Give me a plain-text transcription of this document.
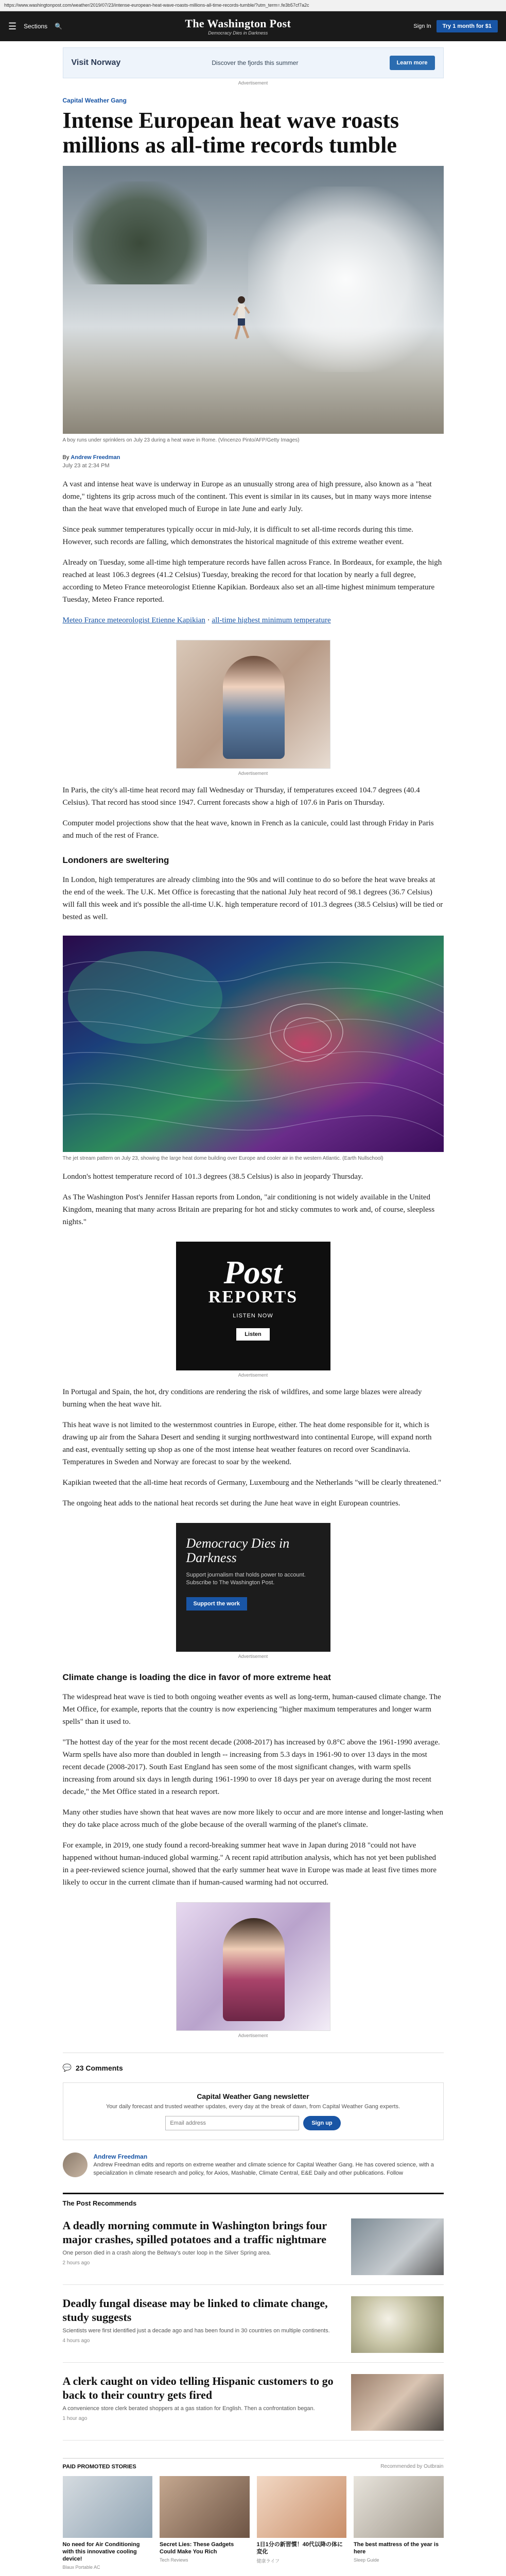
https://www.washingtonpost.com/weather/2019/07/23/intense-european-heat-wave-roasts-millions-all-time-records-tumble/?utm_term=.fe3b57cf7a2c
☰ Sections 🔍	The Washington Post
Democracy Dies in Darkness
Sign In	Try 1 month for $1
Visit Norway	Discover the fjords this summer	Learn more
Advertisement
Capital Weather Gang
Intense European heat wave roasts millions as all-time records tumble
A boy runs under sprinklers on July 23 during a heat wave in Rome. (Vincenzo Pinto/AFP/Getty Images)
By Andrew Freedman
July 23 at 2:34 PM

A vast and intense heat wave is underway in Europe as an unusually strong area of high pressure, also known as a "heat dome," tightens its grip across much of the continent. This event is similar in its causes, but in many ways more intense than the heat wave that enveloped much of Europe in late June and early July.

Since peak summer temperatures typically occur in mid-July, it is difficult to set all-time records during this time. However, such records are falling, which demonstrates the historical magnitude of this extreme weather event.

Already on Tuesday, some all-time high temperature records have fallen across France. In Bordeaux, for example, the high reached at least 106.3 degrees (41.2 Celsius) Tuesday, breaking the record for that location by nearly a full degree, according to Meteo France meteorologist Etienne Kapikian. Bordeaux also set an all-time highest minimum temperature Tuesday, Meteo France reported.

Meteo France meteorologist Etienne Kapikian · all-time highest minimum temperature

Advertisement

In Paris, the city's all-time heat record may fall Wednesday or Thursday, if temperatures exceed 104.7 degrees (40.4 Celsius). That record has stood since 1947. Current forecasts show a high of 107.6 in Paris on Thursday.

Computer model projections show that the heat wave, known in French as la canicule, could last through Friday in Paris and much of the rest of France.

Londoners are sweltering

In London, high temperatures are already climbing into the 90s and will continue to do so before the heat wave breaks at the end of the week. The U.K. Met Office is forecasting that the national July heat record of 98.1 degrees (36.7 Celsius) will fall this week and it's possible the all-time U.K. high temperature record of 101.3 degrees (38.5 Celsius) will be tied or bested as well.

The jet stream pattern on July 23, showing the large heat dome building over Europe and cooler air in the western Atlantic. (Earth Nullschool)

London's hottest temperature record of 101.3 degrees (38.5 Celsius) is also in jeopardy Thursday.

As The Washington Post's Jennifer Hassan reports from London, "air conditioning is not widely available in the United Kingdom, meaning that many across Britain are preparing for hot and sticky commutes to work and, of course, sleepless nights."

Post
REPORTS
LISTEN NOW
Listen
Advertisement

In Portugal and Spain, the hot, dry conditions are rendering the risk of wildfires, and some large blazes were already burning when the heat wave hit.

This heat wave is not limited to the westernmost countries in Europe, either. The heat dome responsible for it, which is drawing up air from the Sahara Desert and sending it surging northwestward into continental Europe, will expand north and east, eventually setting up shop as one of the most intense heat weather features on record over Scandinavia. Temperatures in Sweden and Norway are forecast to soar by the weekend.

Kapikian tweeted that the all-time heat records of Germany, Luxembourg and the Netherlands "will be clearly threatened."

The ongoing heat adds to the national heat records set during the June heat wave in eight European countries.

Democracy Dies in Darkness
Support journalism that holds power to account. Subscribe to The Washington Post.
Support the work
Advertisement
Climate change is loading the dice in favor of more extreme heat

The widespread heat wave is tied to both ongoing weather events as well as long-term, human-caused climate change. The Met Office, for example, reports that the country is now experiencing "higher maximum temperatures and longer warm spells" than it used to.

"The hottest day of the year for the most recent decade (2008-2017) has increased by 0.8°C above the 1961-1990 average. Warm spells have also more than doubled in length -- increasing from 5.3 days in 1961-90 to over 13 days in the most recent decade (2008-2017). South East England has seen some of the most significant changes, with warm spells increasing from around six days in length during 1961-1990 to over 18 days per year on average during the most recent decade," the Met Office stated in a research report.

Many other studies have shown that heat waves are now more likely to occur and are more intense and longer-lasting when they do take place across much of the globe because of the overall warming of the planet's climate.

For example, in 2019, one study found a record-breaking summer heat wave in Japan during 2018 "could not have happened without human-induced global warming." A recent rapid attribution analysis, which has not yet been published in a peer-reviewed science journal, showed that the early summer heat wave in Europe was made at least five times more likely to occur in the current climate than if human-caused warming had not occurred.

Advertisement
💬 23 Comments
Capital Weather Gang newsletter
Your daily forecast and trusted weather updates, every day at the break of dawn, from Capital Weather Gang experts.
Email address
Sign up
Andrew Freedman
Andrew Freedman edits and reports on extreme weather and climate science for Capital Weather Gang. He has covered science, with a specialization in climate research and policy, for Axios, Mashable, Climate Central, E&E Daily and other publications. Follow
The Post Recommends
A deadly morning commute in Washington brings four major crashes, spilled potatoes and a traffic nightmare
One person died in a crash along the Beltway's outer loop in the Silver Spring area.
2 hours ago
Deadly fungal disease may be linked to climate change, study suggests
Scientists were first identified just a decade ago and has been found in 30 countries on multiple continents.
4 hours ago
A clerk caught on video telling Hispanic customers to go back to their country gets fired
A convenience store clerk berated shoppers at a gas station for English. Then a confrontation began.
1 hour ago
PAID PROMOTED STORIES	Recommended by Outbrain
No need for Air Conditioning with this innovative cooling device!
Blaux Portable AC
Secret Lies: These Gadgets Could Make You Rich
Tech Reviews
1日1分の新習慣！40代以降の体に変化
健康ライフ
The best mattress of the year is here
Sleep Guide
